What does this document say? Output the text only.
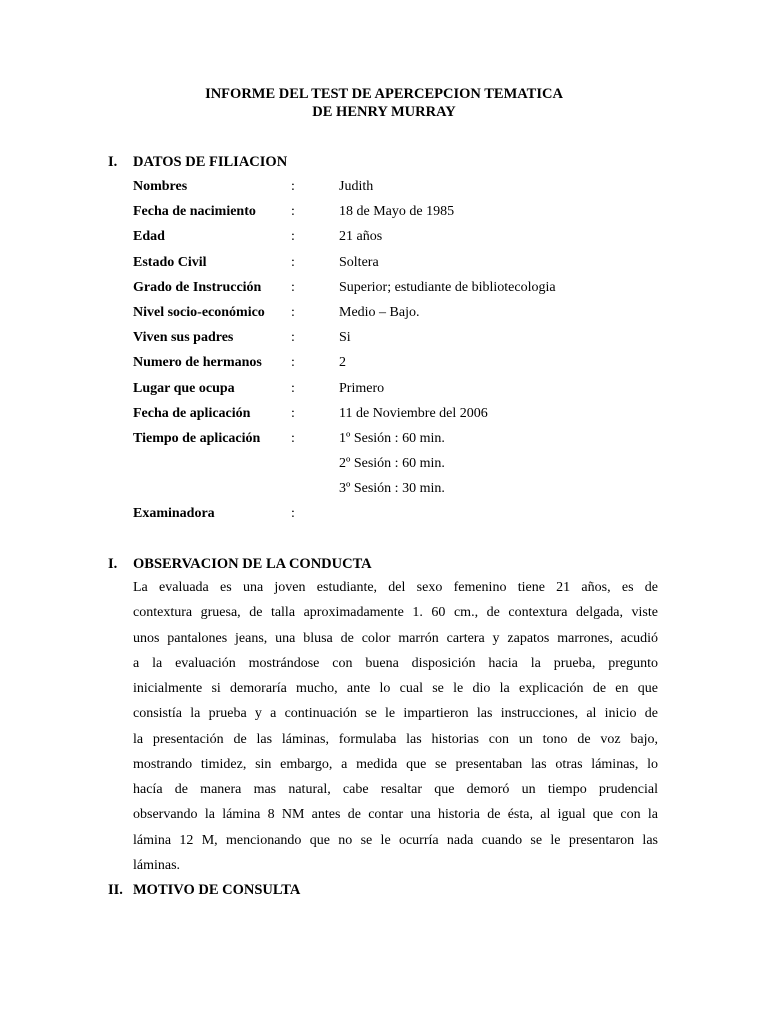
INFORME DEL TEST DE APERCEPCION TEMATICA
DE HENRY MURRAY
I. DATOS DE FILIACION
Nombres	:	Judith
Fecha de nacimiento	:	18 de Mayo de 1985
Edad	:	21 años
Estado Civil	:	Soltera
Grado de Instrucción :	Superior; estudiante de bibliotecologia
Nivel socio-económico :	Medio – Bajo.
Viven sus padres	:	Si
Numero de hermanos :	2
Lugar que ocupa	:	Primero
Fecha de aplicación	:	11 de Noviembre del 2006
Tiempo de aplicación :	1º Sesión : 60 min.
2º Sesión : 60 min.
3º Sesión : 30 min.
Examinadora	:
I. OBSERVACION DE LA CONDUCTA
La evaluada es una joven estudiante, del sexo femenino tiene 21 años, es de
contextura gruesa, de talla aproximadamente 1. 60 cm., de contextura delgada, viste
unos pantalones jeans, una blusa de color marrón cartera y zapatos marrones, acudió
a la evaluación mostrándose con buena disposición hacia la prueba, pregunto
inicialmente si demoraría mucho, ante lo cual se le dio la explicación de en que
consistía la prueba y a continuación se le impartieron las instrucciones, al inicio de
la presentación de las láminas, formulaba las historias con un tono de voz bajo,
mostrando timidez, sin embargo, a medida que se presentaban las otras láminas, lo
hacía de manera mas natural, cabe resaltar que demoró un tiempo prudencial
observando la lámina 8 NM antes de contar una historia de ésta, al igual que con la
lámina 12 M, mencionando que no se le ocurría nada cuando se le presentaron las
láminas.
II. MOTIVO DE CONSULTA
